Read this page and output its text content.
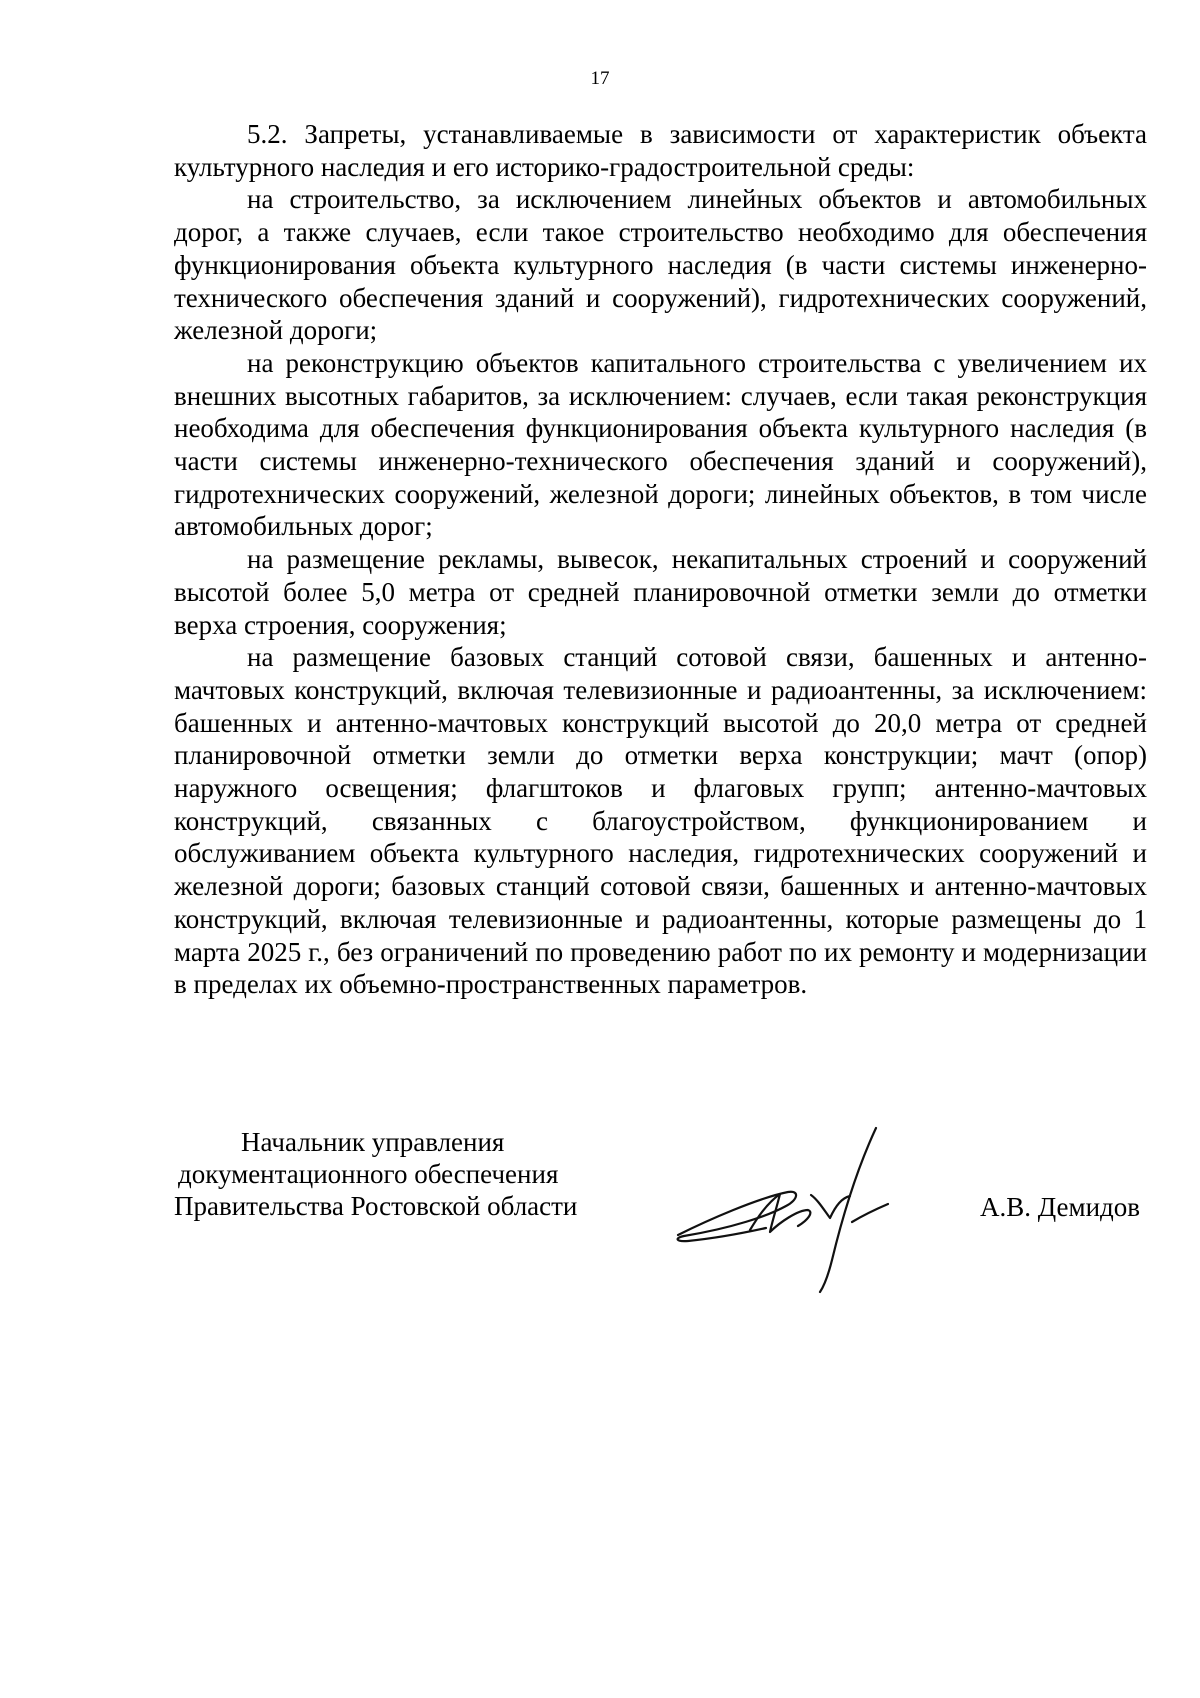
17

5.2. Запреты, устанавливаемые в зависимости от характеристик объекта культурного наследия и его историко-градостроительной среды:

на строительство, за исключением линейных объектов и автомобильных дорог, а также случаев, если такое строительство необходимо для обеспечения функционирования объекта культурного наследия (в части системы инженерно-технического обеспечения зданий и сооружений), гидротехнических сооружений, железной дороги;

на реконструкцию объектов капитального строительства с увеличением их внешних высотных габаритов, за исключением: случаев, если такая реконструкция необходима для обеспечения функционирования объекта культурного наследия (в части системы инженерно-технического обеспечения зданий и сооружений), гидротехнических сооружений, железной дороги; линейных объектов, в том числе автомобильных дорог;

на размещение рекламы, вывесок, некапитальных строений и сооружений высотой более 5,0 метра от средней планировочной отметки земли до отметки верха строения, сооружения;

на размещение базовых станций сотовой связи, башенных и антенно-мачтовых конструкций, включая телевизионные и радиоантенны, за исключением: башенных и антенно-мачтовых конструкций высотой до 20,0 метра от средней планировочной отметки земли до отметки верха конструкции; мачт (опор) наружного освещения; флагштоков и флаговых групп; антенно-мачтовых конструкций, связанных с благоустройством, функционированием и обслуживанием объекта культурного наследия, гидротехнических сооружений и железной дороги; базовых станций сотовой связи, башенных и антенно-мачтовых конструкций, включая телевизионные и радиоантенны, которые размещены до 1 марта 2025 г., без ограничений по проведению работ по их ремонту и модернизации в пределах их объемно-пространственных параметров.

Начальник управления
документационного обеспечения
Правительства Ростовской области	А.В. Демидов
